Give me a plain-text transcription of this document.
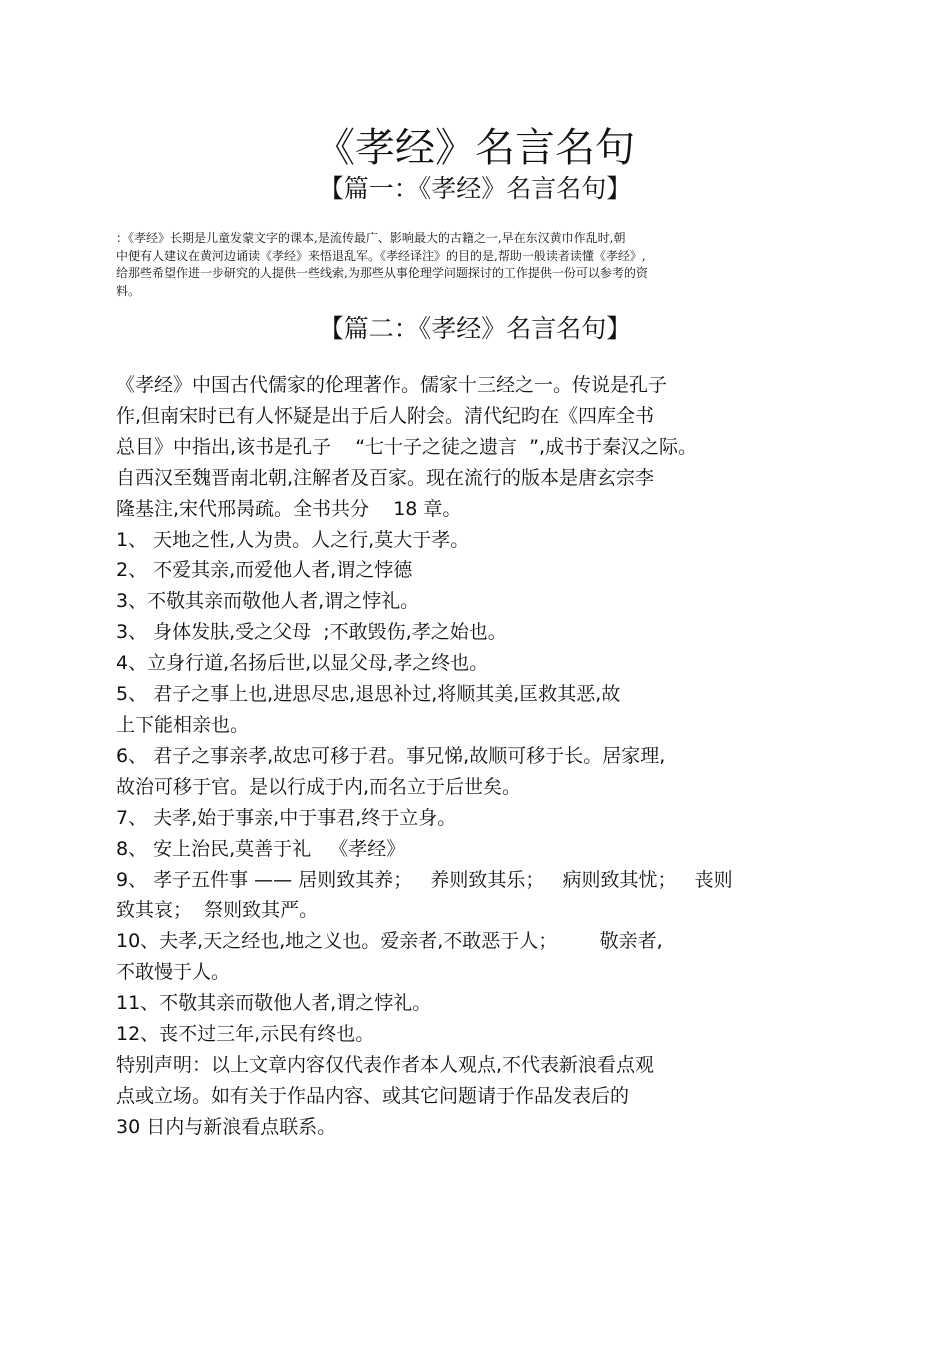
《孝经》名言名句
【篇一：《孝经》名言名句】
：《孝经》长期是儿童发蒙文字的课本,是流传最广、影响最大的古籍之一,早在东汉黄巾作乱时,朝
中便有人建议在黄河边诵读《孝经》来悟退乱军。《孝经译注》的目的是,帮助一般读者读懂《孝经》,
给那些希望作进一步研究的人提供一些线索,为那些从事伦理学问题探讨的工作提供一份可以参考的资
料。
【篇二：《孝经》名言名句】
《孝经》中国古代儒家的伦理著作。儒家十三经之一。传说是孔子
作,但南宋时已有人怀疑是出于后人附会。清代纪昀在《四库全书
总目》中指出,该书是孔子    “七十子之徒之遗言  ”,成书于秦汉之际。
自西汉至魏晋南北朝,注解者及百家。现在流行的版本是唐玄宗李
隆基注,宋代邢昺疏。全书共分    18 章。
1、 天地之性,人为贵。人之行,莫大于孝。
2、 不爱其亲,而爱他人者,谓之悖德
3、不敬其亲而敬他人者,谓之悖礼。
3、 身体发肤,受之父母  ;不敢毁伤,孝之始也。
4、立身行道,名扬后世,以显父母,孝之终也。
5、 君子之事上也,进思尽忠,退思补过,将顺其美,匡救其恶,故
上下能相亲也。
6、 君子之事亲孝,故忠可移于君。事兄悌,故顺可移于长。居家理,
故治可移于官。是以行成于内,而名立于后世矣。
7、 夫孝,始于事亲,中于事君,终于立身。
8、 安上治民,莫善于礼   《孝经》
9、 孝子五件事 —— 居则致其养；   养则致其乐；   病则致其忧；   丧则
致其哀；  祭则致其严。
10、夫孝,天之经也,地之义也。爱亲者,不敢恶于人；       敬亲者,
不敢慢于人。
11、不敬其亲而敬他人者,谓之悖礼。
12、丧不过三年,示民有终也。
特别声明：以上文章内容仅代表作者本人观点,不代表新浪看点观
点或立场。如有关于作品内容、或其它问题请于作品发表后的
30 日内与新浪看点联系。
